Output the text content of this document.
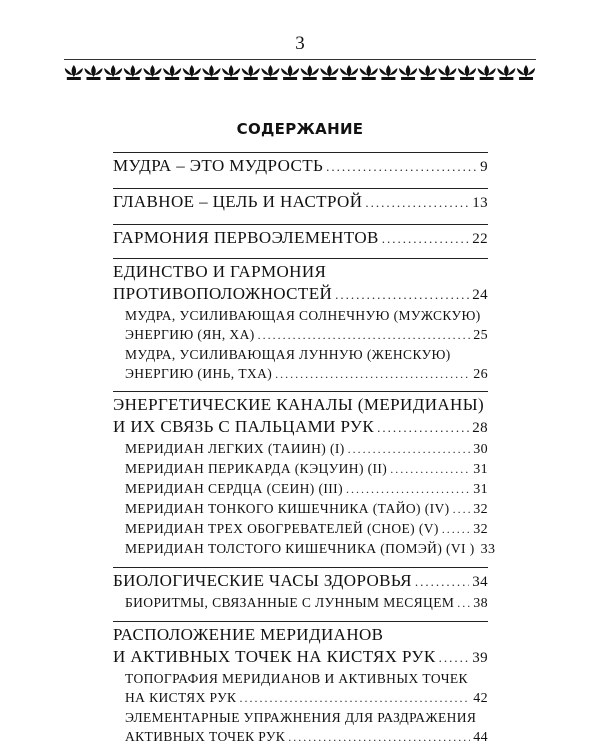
3
СОДЕРЖАНИЕ
МУДРА – ЭТО МУДРОСТЬ .....	9
ГЛАВНОЕ – ЦЕЛЬ И НАСТРОЙ .....	13
ГАРМОНИЯ ПЕРВОЭЛЕМЕНТОВ .....	22
ЕДИНСТВО И ГАРМОНИЯ
ПРОТИВОПОЛОЖНОСТЕЙ .....	24
МУДРА, УСИЛИВАЮЩАЯ СОЛНЕЧНУЮ (МУЖСКУЮ)
ЭНЕРГИЮ (ЯН, ХА) .....	25
МУДРА, УСИЛИВАЮЩАЯ ЛУННУЮ (ЖЕНСКУЮ)
ЭНЕРГИЮ (ИНЬ, ТХА) .....	26
ЭНЕРГЕТИЧЕСКИЕ КАНАЛЫ (МЕРИДИАНЫ)
И ИХ СВЯЗЬ С ПАЛЬЦАМИ РУК .....	28
МЕРИДИАН ЛЕГКИХ (ТАИИН) (I) .....	30
МЕРИДИАН ПЕРИКАРДА (КЭЦУИН) (II) .....	31
МЕРИДИАН СЕРДЦА (СЕИН) (III) .....	31
МЕРИДИАН ТОНКОГО КИШЕЧНИКА (ТАЙО) (IV) ..... 32
МЕРИДИАН ТРЕХ ОБОГРЕВАТЕЛЕЙ (СНОЕ) (V) ..... 32
МЕРИДИАН ТОЛСТОГО КИШЕЧНИКА (ПОМЭЙ) (VI ) 33
БИОЛОГИЧЕСКИЕ ЧАСЫ ЗДОРОВЬЯ .....	34
БИОРИТМЫ, СВЯЗАННЫЕ С ЛУННЫМ МЕСЯЦЕМ ..... 38
РАСПОЛОЖЕНИЕ МЕРИДИАНОВ
И АКТИВНЫХ ТОЧЕК НА КИСТЯХ РУК ..... 39
ТОПОГРАФИЯ МЕРИДИАНОВ И АКТИВНЫХ ТОЧЕК
НА КИСТЯХ РУК .....	42
ЭЛЕМЕНТАРНЫЕ УПРАЖНЕНИЯ ДЛЯ РАЗДРАЖЕНИЯ
АКТИВНЫХ ТОЧЕК РУК .....	44
